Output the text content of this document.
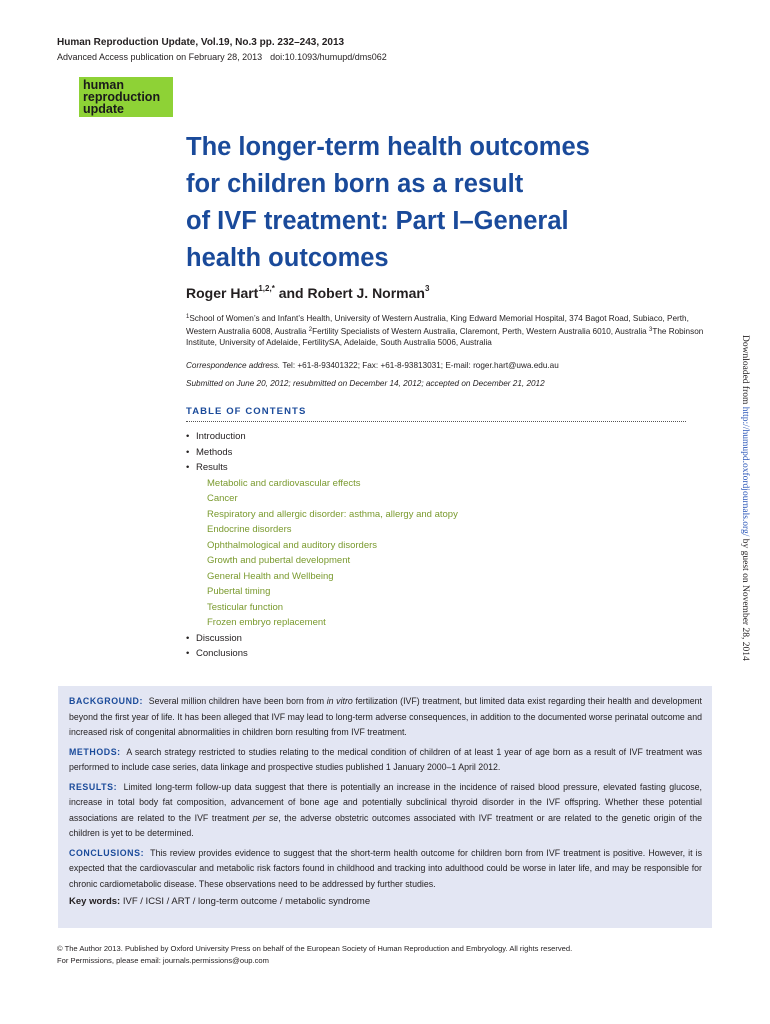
Human Reproduction Update, Vol.19, No.3 pp. 232–243, 2013
Advanced Access publication on February 28, 2013 doi:10.1093/humupd/dms062
human
reproduction
update
The longer-term health outcomes
for children born as a result
of IVF treatment: Part I–General
health outcomes
Roger Hart$^{1,2,*}$ and Robert J. Norman$^3$
$^1$School of Women’s and Infant’s Health, University of Western Australia, King Edward Memorial Hospital, 374 Bagot Road, Subiaco, Perth, Western Australia 6008, Australia $^2$Fertility Specialists of Western Australia, Claremont, Perth, Western Australia 6010, Australia $^3$The Robinson Institute, University of Adelaide, FertilitySA, Adelaide, South Australia 5006, Australia
Correspondence address. Tel: +61-8-93401322; Fax: +61-8-93813031; E-mail: roger.hart@uwa.edu.au
Submitted on June 20, 2012; resubmitted on December 14, 2012; accepted on December 21, 2012
TABLE OF CONTENTS
• Introduction
• Methods
• Results
Metabolic and cardiovascular effects
Cancer
Respiratory and allergic disorder: asthma, allergy and atopy
Endocrine disorders
Ophthalmological and auditory disorders
Growth and pubertal development
General Health and Wellbeing
Pubertal timing
Testicular function
Frozen embryo replacement
• Discussion
• Conclusions

BACKGROUND: Several million children have been born from in vitro fertilization (IVF) treatment, but limited data exist regarding their health and development beyond the first year of life. It has been alleged that IVF may lead to long-term adverse consequences, in addition to the documented worse perinatal outcome and increased risk of congenital abnormalities in children born resulting from IVF treatment.

METHODS: A search strategy restricted to studies relating to the medical condition of children of at least 1 year of age born as a result of IVF treatment was performed to include case series, data linkage and prospective studies published 1 January 2000–1 April 2012.

RESULTS: Limited long-term follow-up data suggest that there is potentially an increase in the incidence of raised blood pressure, elevated fasting glucose, increase in total body fat composition, advancement of bone age and potentially subclinical thyroid disorder in the IVF offspring. Whether these potential associations are related to the IVF treatment per se, the adverse obstetric outcomes associated with IVF treatment or are related to the genetic origin of the children is yet to be determined.

CONCLUSIONS: This review provides evidence to suggest that the short-term health outcome for children born from IVF treatment is positive. However, it is expected that the cardiovascular and metabolic risk factors found in childhood and tracking into adulthood could be worse in later life, and may be responsible for chronic cardiometabolic disease. These observations need to be addressed by further studies.

Key words: IVF / ICSI / ART / long-term outcome / metabolic syndrome
© The Author 2013. Published by Oxford University Press on behalf of the European Society of Human Reproduction and Embryology. All rights reserved.
For Permissions, please email: journals.permissions@oup.com
Downloaded from http://humupd.oxfordjournals.org/ by guest on November 28, 2014
